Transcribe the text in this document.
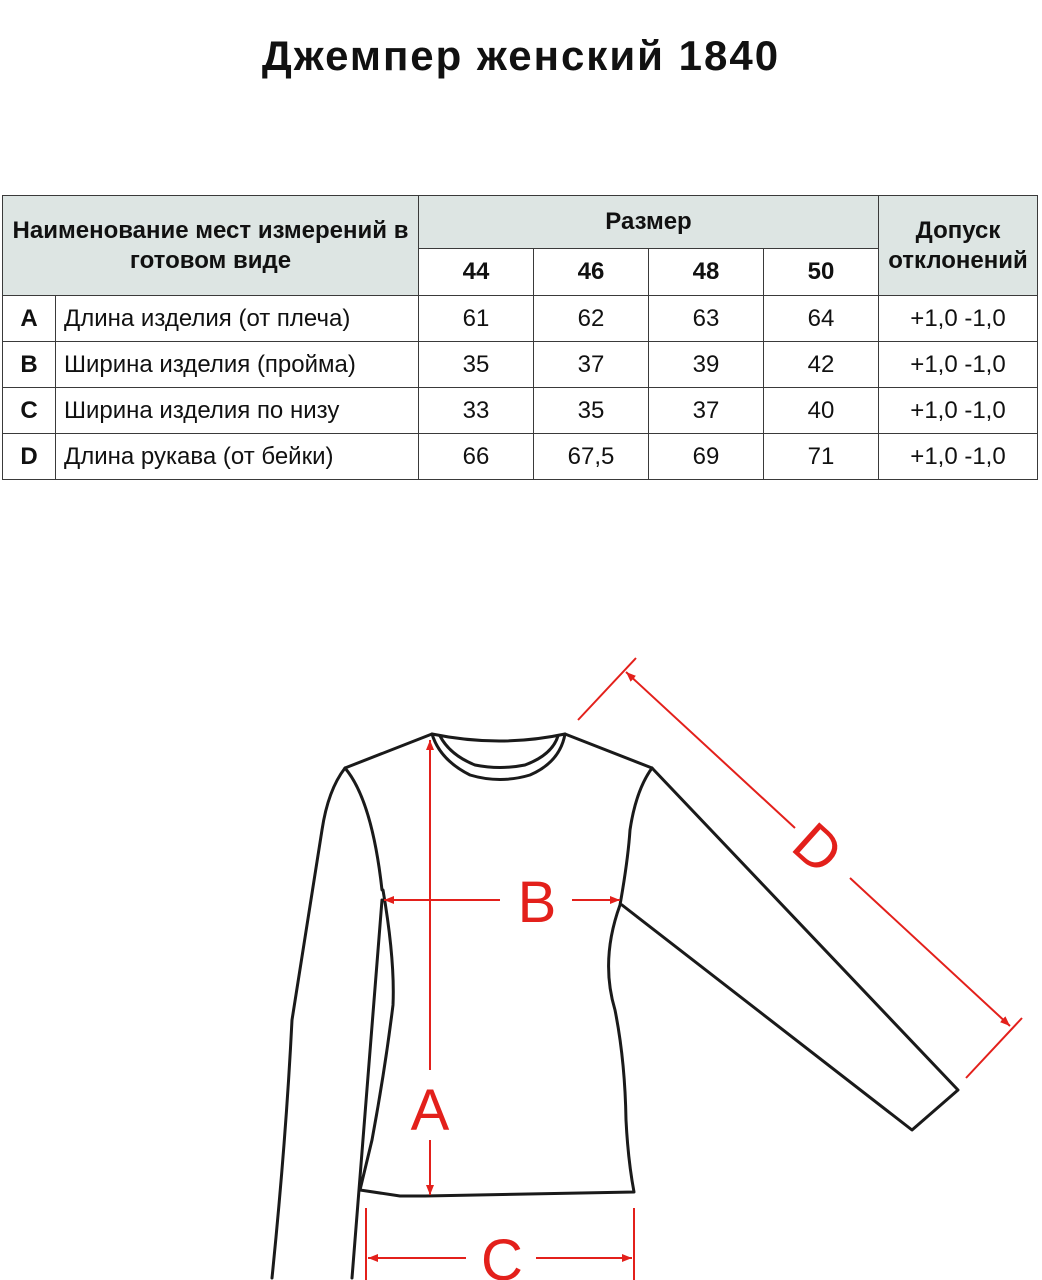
Джемпер женский 1840
Наименование мест измерений в готовом виде		Размер				Допуск отклонений
		44	46	48	50	
A	Длина изделия (от плеча)	61	62	63	64	+1,0 -1,0
B	Ширина изделия (пройма)	35	37	39	42	+1,0 -1,0
C	Ширина изделия по низу	33	35	37	40	+1,0 -1,0
D	Длина рукава (от бейки)	66	67,5	69	71	+1,0 -1,0
A
B
C
D
